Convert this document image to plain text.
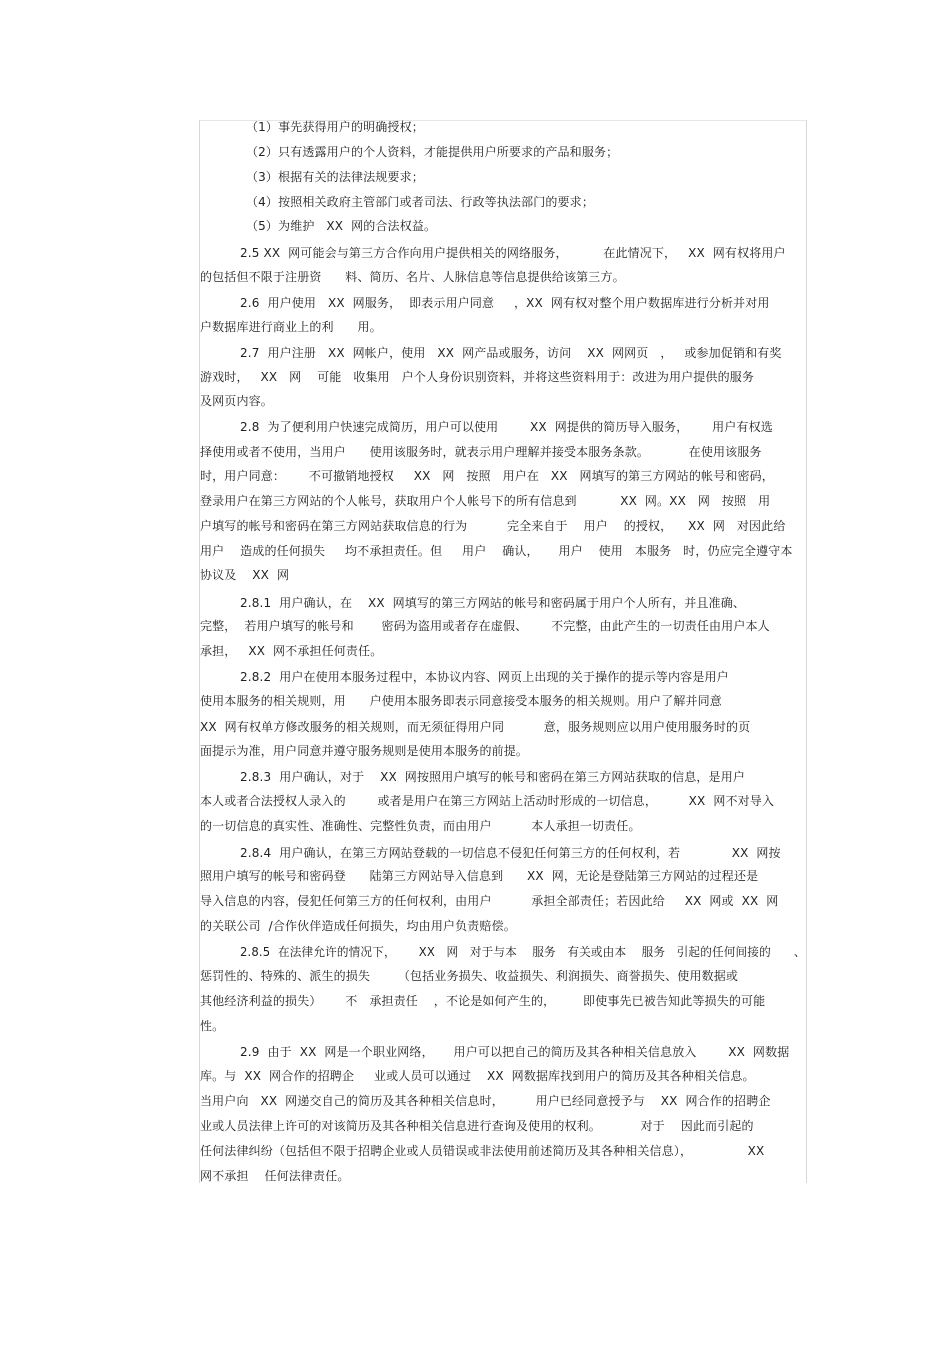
（1）事先获得用户的明确授权；

（2）只有透露用户的个人资料，才能提供用户所要求的产品和服务；

（3）根据有关的法律法规要求；

（4）按照相关政府主管部门或者司法、行政等执法部门的要求；

（5）为维护   XX  网的合法权益。

2.5 XX  网可能会与第三方合作向用户提供相关的网络服务，         在此情况下，   XX  网有权将用户

的包括但不限于注册资      料、简历、名片、人脉信息等信息提供给该第三方。

2.6  用户使用   XX  网服务，  即表示用户同意     ，XX  网有权对整个用户数据库进行分析并对用

户数据库进行商业上的利      用。

2.7  用户注册   XX  网帐户，使用   XX  网产品或服务，访问    XX  网网页   ，   或参加促销和有奖

游戏时，   XX   网    可能   收集用   户个人身份识别资料，并将这些资料用于：改进为用户提供的服务

及网页内容。

2.8  为了便利用户快速完成简历，用户可以使用        XX  网提供的简历导入服务，      用户有权选

择使用或者不使用，当用户      使用该服务时，就表示用户理解并接受本服务条款。          在使用该服务

时，用户同意：      不可撤销地授权     XX   网   按照   用户在   XX   网填写的第三方网站的帐号和密码，

登录用户在第三方网站的个人帐号，获取用户个人帐号下的所有信息到           XX  网。XX   网   按照   用

户填写的帐号和密码在第三方网站获取信息的行为          完全来自于    用户    的授权，    XX  网   对因此给

用户    造成的任何损失     均不承担责任。但     用户    确认，     用户    使用   本服务   时，仍应完全遵守本

协议及    XX  网

2.8.1  用户确认，在    XX  网填写的第三方网站的帐号和密码属于用户个人所有，并且准确、

完整，  若用户填写的帐号和       密码为盗用或者存在虚假、      不完整，由此产生的一切责任由用户本人

承担，   XX  网不承担任何责任。

2.8.2  用户在使用本服务过程中，本协议内容、网页上出现的关于操作的提示等内容是用户

使用本服务的相关规则，用      户使用本服务即表示同意接受本服务的相关规则。用户了解并同意

XX  网有权单方修改服务的相关规则，而无须征得用户同          意，服务规则应以用户使用服务时的页

面提示为准，用户同意并遵守服务规则是使用本服务的前提。

2.8.3  用户确认，对于    XX  网按照用户填写的帐号和密码在第三方网站获取的信息，是用户

本人或者合法授权人录入的        或者是用户在第三方网站上活动时形成的一切信息，        XX  网不对导入

的一切信息的真实性、准确性、完整性负责，而由用户          本人承担一切责任。

2.8.4  用户确认，在第三方网站登载的一切信息不侵犯任何第三方的任何权利，若             XX  网按

照用户填写的帐号和密码登      陆第三方网站导入信息到      XX  网，无论是登陆第三方网站的过程还是

导入信息的内容，侵犯任何第三方的任何权利，由用户          承担全部责任；若因此给     XX  网或  XX  网

的关联公司  /合作伙伴造成任何损失，均由用户负责赔偿。

2.8.5  在法律允许的情况下，      XX   网   对于与本    服务   有关或由本    服务   引起的任何间接的      、

惩罚性的、特殊的、派生的损失       （包括业务损失、收益损失、利润损失、商誉损失、使用数据或

其他经济利益的损失）      不   承担责任    ，不论是如何产生的，       即使事先已被告知此等损失的可能

性。

2.9  由于  XX  网是一个职业网络，     用户可以把自己的简历及其各种相关信息放入        XX  网数据

库。与  XX  网合作的招聘企     业或人员可以通过    XX  网数据库找到用户的简历及其各种相关信息。

当用户向   XX  网递交自己的简历及其各种相关信息时，        用户已经同意授予与    XX  网合作的招聘企

业或人员法律上许可的对该简历及其各种相关信息进行查询及使用的权利。          对于    因此而引起的

任何法律纠纷（包括但不限于招聘企业或人员错误或非法使用前述简历及其各种相关信息），              XX

网不承担    任何法律责任。
